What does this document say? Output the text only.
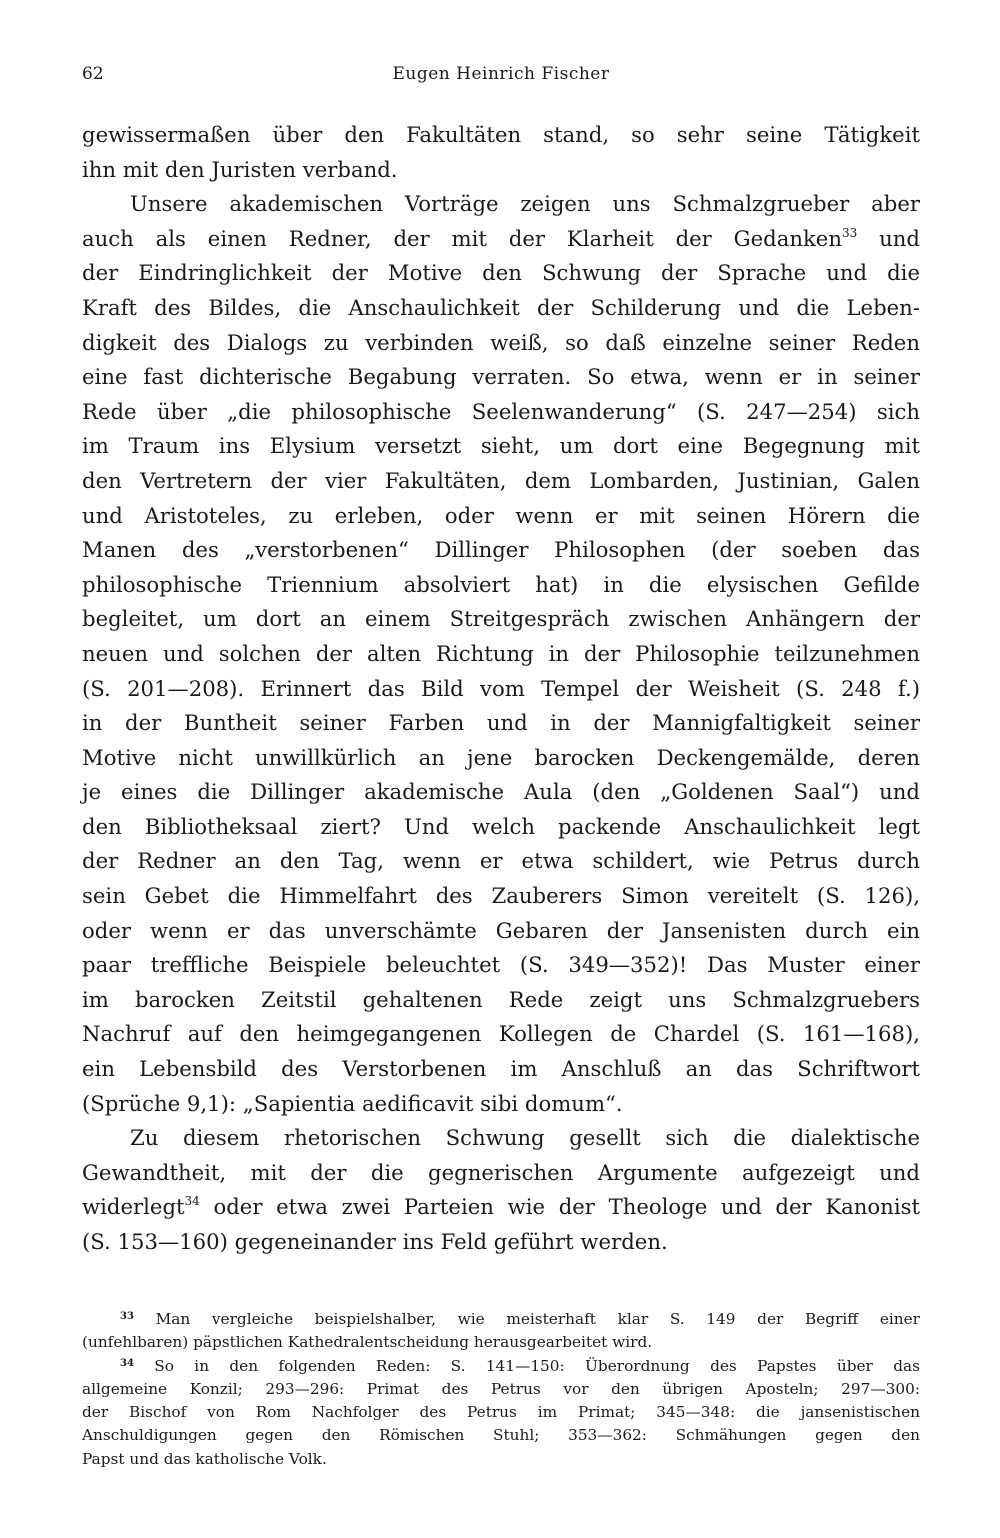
62	Eugen Heinrich Fischer
gewissermaßen über den Fakultäten stand, so sehr seine Tätigkeit
ihn mit den Juristen verband.
Unsere akademischen Vorträge zeigen uns Schmalzgrueber aber
auch als einen Redner, der mit der Klarheit der Gedanken$^{33}$ und
der Eindringlichkeit der Motive den Schwung der Sprache und die
Kraft des Bildes, die Anschaulichkeit der Schilderung und die Leben-
digkeit des Dialogs zu verbinden weiß, so daß einzelne seiner Reden
eine fast dichterische Begabung verraten. So etwa, wenn er in seiner
Rede über „die philosophische Seelenwanderung“ (S. 247—254) sich
im Traum ins Elysium versetzt sieht, um dort eine Begegnung mit
den Vertretern der vier Fakultäten, dem Lombarden, Justinian, Galen
und Aristoteles, zu erleben, oder wenn er mit seinen Hörern die
Manen des „verstorbenen“ Dillinger Philosophen (der soeben das
philosophische Triennium absolviert hat) in die elysischen Gefilde
begleitet, um dort an einem Streitgespräch zwischen Anhängern der
neuen und solchen der alten Richtung in der Philosophie teilzunehmen
(S. 201—208). Erinnert das Bild vom Tempel der Weisheit (S. 248 f.)
in der Buntheit seiner Farben und in der Mannigfaltigkeit seiner
Motive nicht unwillkürlich an jene barocken Deckengemälde, deren
je eines die Dillinger akademische Aula (den „Goldenen Saal“) und
den Bibliotheksaal ziert? Und welch packende Anschaulichkeit legt
der Redner an den Tag, wenn er etwa schildert, wie Petrus durch
sein Gebet die Himmelfahrt des Zauberers Simon vereitelt (S. 126),
oder wenn er das unverschämte Gebaren der Jansenisten durch ein
paar treffliche Beispiele beleuchtet (S. 349—352)! Das Muster einer
im barocken Zeitstil gehaltenen Rede zeigt uns Schmalzgruebers
Nachruf auf den heimgegangenen Kollegen de Chardel (S. 161—168),
ein Lebensbild des Verstorbenen im Anschluß an das Schriftwort
(Sprüche 9,1): „Sapientia aedificavit sibi domum“.
Zu diesem rhetorischen Schwung gesellt sich die dialektische
Gewandtheit, mit der die gegnerischen Argumente aufgezeigt und
widerlegt$^{34}$ oder etwa zwei Parteien wie der Theologe und der Kanonist
(S. 153—160) gegeneinander ins Feld geführt werden.
$^{33}$ Man vergleiche beispielshalber, wie meisterhaft klar S. 149 der Begriff einer
(unfehlbaren) päpstlichen Kathedralentscheidung herausgearbeitet wird.
$^{34}$ So in den folgenden Reden: S. 141—150: Überordnung des Papstes über das
allgemeine Konzil; 293—296: Primat des Petrus vor den übrigen Aposteln; 297—300:
der Bischof von Rom Nachfolger des Petrus im Primat; 345—348: die jansenistischen
Anschuldigungen gegen den Römischen Stuhl; 353—362: Schmähungen gegen den
Papst und das katholische Volk.
